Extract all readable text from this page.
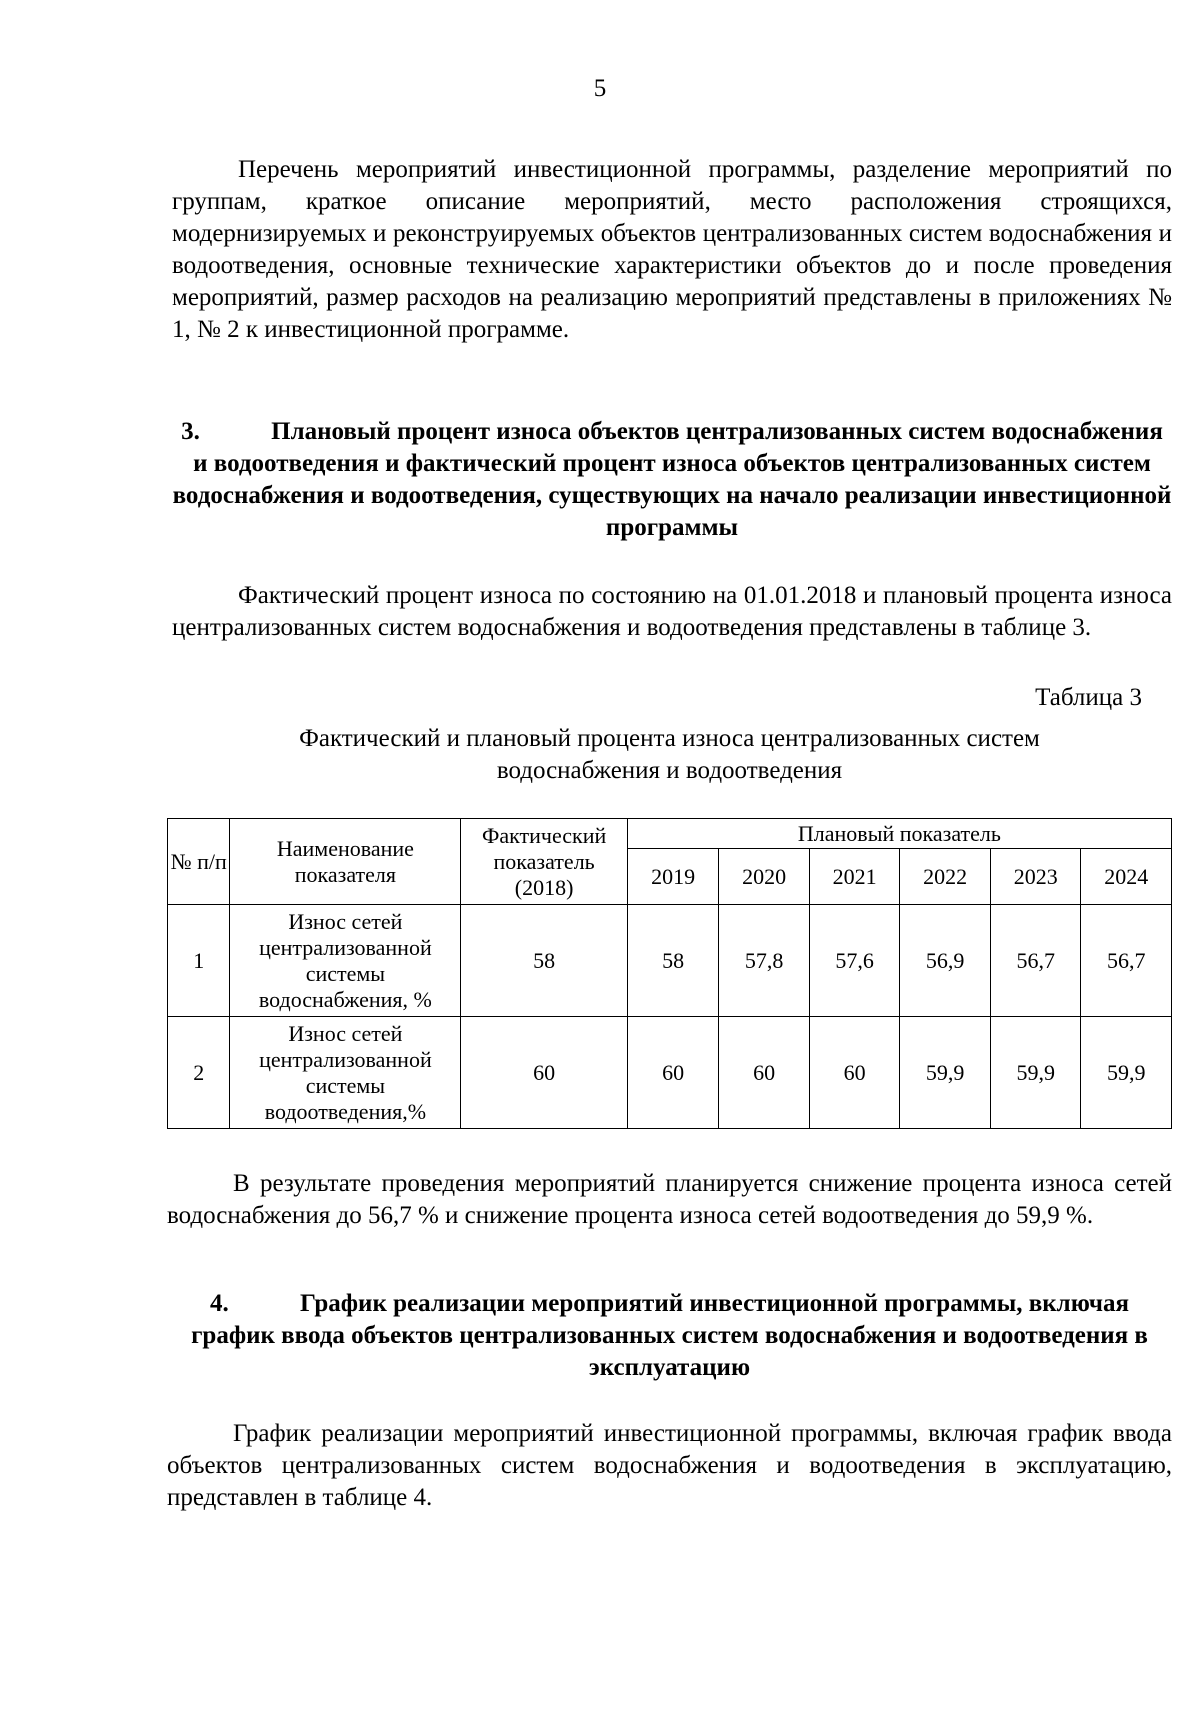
5

Перечень мероприятий инвестиционной программы, разделение мероприятий по группам, краткое описание мероприятий, место расположения строящихся, модернизируемых и реконструируемых объектов централизованных систем водоснабжения и водоотведения, основные технические характеристики объектов до и после проведения мероприятий, размер расходов на реализацию мероприятий представлены в приложениях № 1, № 2 к инвестиционной программе.

3.	Плановый процент износа объектов централизованных систем водоснабжения и водоотведения и фактический процент износа объектов централизованных систем водоснабжения и водоотведения, существующих на начало реализации инвестиционной программы

Фактический процент износа по состоянию на 01.01.2018 и плановый процента износа централизованных систем водоснабжения и водоотведения представлены в таблице 3.

Таблица 3

Фактический и плановый процента износа централизованных систем
водоснабжения и водоотведения

№ п/п	Наименование показателя	Фактический показатель (2018)	Плановый показатель					
			2019	2020	2021	2022	2023	2024
1	Износ сетей централизованной системы водоснабжения, %	58	58	57,8	57,6	56,9	56,7	56,7
2	Износ сетей централизованной системы водоотведения,%	60	60	60	60	59,9	59,9	59,9

В результате проведения мероприятий планируется снижение процента износа сетей водоснабжения до 56,7 % и снижение процента износа сетей водоотведения до 59,9 %.

4.	График реализации мероприятий инвестиционной программы, включая график ввода объектов централизованных систем водоснабжения и водоотведения в эксплуатацию

График реализации мероприятий инвестиционной программы, включая график ввода объектов централизованных систем водоснабжения и водоотведения в эксплуатацию, представлен в таблице 4.
